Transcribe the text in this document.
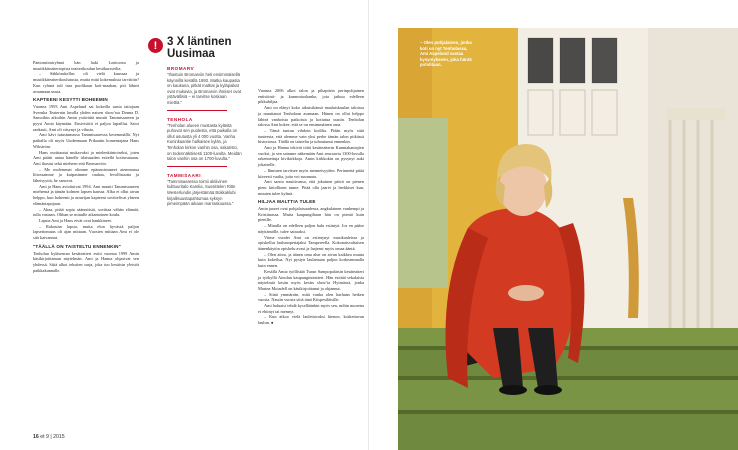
Pantomiimiryhmä hän haki Lontoosta ja musiikkiteatteriopista teatterikoulun kesäkursseilta.

– Sähkösukellus oli vielä kuussaa ja musiikkiteatterikoulutusta, mutta mitä kokemuksia tarvittiin? Kun ryhmä tuli taas puolikaan koti-maahan, piti lähteä avaamaan uusia.

KAPTEENI KESYTTI BOHEEMIN

Vuonna 1993 Ami Aspelund sai kokeilla uusia taitojaan Svenska Teaternin lavalla yhden naisen show'ssa Donna D. Samoihin aikoihin Amin ystävättä muutti Tammisaareen ja pyysi Amia käymään. Ensivisiitti ei paljoa lupaillut. Satoi rankasti, Ami oli väsynyt ja vilusta.

Ami kävi tutustumassa Tammisaaressa kesemmällä. Nyt paikalla oli myös Uudenmaan Prikaatin komentajana Hans Wikström.

Hans osoittautui mukavaksi ja mielenkiintoiseksi, joten Ami päätti antaa hänelle tilaisuuden esitellä kotiseutuaan. Ami ihastui sekä mieheen että Bromarviin.

– Me molemmat olimme epäonnistuneet aiemmassa liitossamme ja kaipasimme rauhaa, levollisuutta ja läheisyyttä, he sanovat.

Ami ja Hans avioituivat 1994. Ami muutti Tammisaareen miehensä ja tämän kolmen lapsen kanssa. Alku ei ollut aivan helppo, kun boheemi ja armeijan kapteeni sovittelivat yhteen elämäntapojaan.

– Ahaa, pitää sopia säännöistä, sovittaa vähän elämää, tulla vastaan. Olihan se minulle aikamoinen koulu.

Lapsia Ami ja Hans eivät ovat hankkineet.

– Rakastan lapsia, mutta elon hyvässä paljon lapsettomuus oli ajan mittaan. Vuosien mittaan Ami ei ole sitä kaivannut.

"TÄÄLLÄ ON TAISTELTU ENNENKIN"

Tenholan kyläseuran kesäteatteri esitti vuonna 1999 Amin käsikirjoittaman näytelmän. Ami ja Hanna ohjasivat sen yhdessä. Siitä alkoi tekstien sarja, joka tuo kesäisin yleisöä paikkakunnalle.

! 3 X läntinen Uusimaa
BROMARV

"Ihastuin Bromarviin heti ensimmäisellä käynnillä kesällä 1993. Matka kaupasta on kaukana, pitkät matkat ja kyläpaikat ovat mukavia, ja Bromarvin ihmiset ovat ystävällisiä – ei tarvitse koskaan miettiä."

TENHOLA

"Tenholan alueen mustasta kylästä puhuvat sen puolesta, että paikalla on ollut asutusta yli 4 000 vuotta. Vanha Kuninkaantie halkaisee kylän, ja Tenholan kirkon vanhin osa, sakaristo, on todennäköisesti 1100-luvulta. Meidän talon vanhin osa on 1700-luvulta."

TAMMISAARI

"Tammisaaressa toimii aktiivinen kulttuuritalo Karelia. Suosittelen Ritte Westerlundin järjestämää Bokkaklubi kirjallisuustapahtumaa syksyn pimeimpään aikaan marraskuussa."

16 et 9 | 2015

Vuonna 2006 alkoi talon ja pihapiirin perinpohjainen entisöinti- ja kunnostushanke, jota jatkuu edelleen pikkuhiljaa.

Ami on elänyt koko aikuisikänsä maalaiskuulan taloissa ja muuttanut Tenholaan asumaan. Hänen on ollut helppo lähteä vanhoista paikoista ja kotiutua uusiin. Tenholan talossa Ami kokee, että se on ensimmäinen oma.

– Tämä tuntuu vihdoin kodilta. Pidän myös siitä tunteesta, että olemme vain yksi perhe tämän talon pitkässä historiassa. Täällä on taisteltu ja tuhoutunut ennenkin.

Ami ja Hanna tekivät töitä kesäteatterin Kunniakantajien vuoksi, ja sen saimme näkemään Ami seuraavia 1300-luvulla rakennettuja kivikirkkoja. Amin kirkkokin on pysynyt auki jokaiselle.

– Ihminen tarvitsee myös menneisyyden. Perinnettä pitää kiireesti vaalia, jotta voi suunnata.

Ami sanoo nauttivansa, että jokainen päivä on pienen pieni kiitollinen tunne. Pitää olla jaaret ja herkkiset kun, muuten tulee kylmä.

HILJAA MALTTIA TULEE

Amin juuret ovat pohjalaisuudessa, angkulainen vanhempi ja Kristiinassa. Mutta kaupungiltaan hän on pieniä kuin pienille.

– Minulla on edelleen paljon halu esiintyä. Jos en pääse näyttämölle, tulee sairaaksi.

Viime vuodet Ami on esiintynyt musikaaleissa ja opiskellut laulunopettajaksi Tampereella. Kokonaisvaltaisen äänenkäytön opiskelu avasi ja laajensi myös omaa ääntä.

– Olen aitoa, ja äänen oma alue on aivan kaikkea muuta kuin kokeilua. Nyt pystyn laulamaan paljon korkeammalla kuin ennen.

Kesällä Amia työllistää Turun Sampopalatsin kesäteatteri ja työkyllä Ainolan kaupunginteatteri. Hän esittää sekalaisia näytelmiä kesän myös kesän show'ta Hyimässä, jonka Marina Motadell on käsikirjoittanut ja ohjannut.

– Siinä ymmärrän, mitä vanha olen harhaan hetken vuosia. Nautin vuosia siitä tänä Kiispesiläisille.

Ami haluaisi tehdä kyselläänkin myös sen, mihin nuorena ei ehtinyt tai mennyt.

– Kun aikoo vielä laulettavaksi hienon, koskettavan laulun. ●

– Olen pohjalainen, jonka koti on nyt Tenholassa, Ami Aspelund vastaa kysymykseen, joka häntä pohditaan.
